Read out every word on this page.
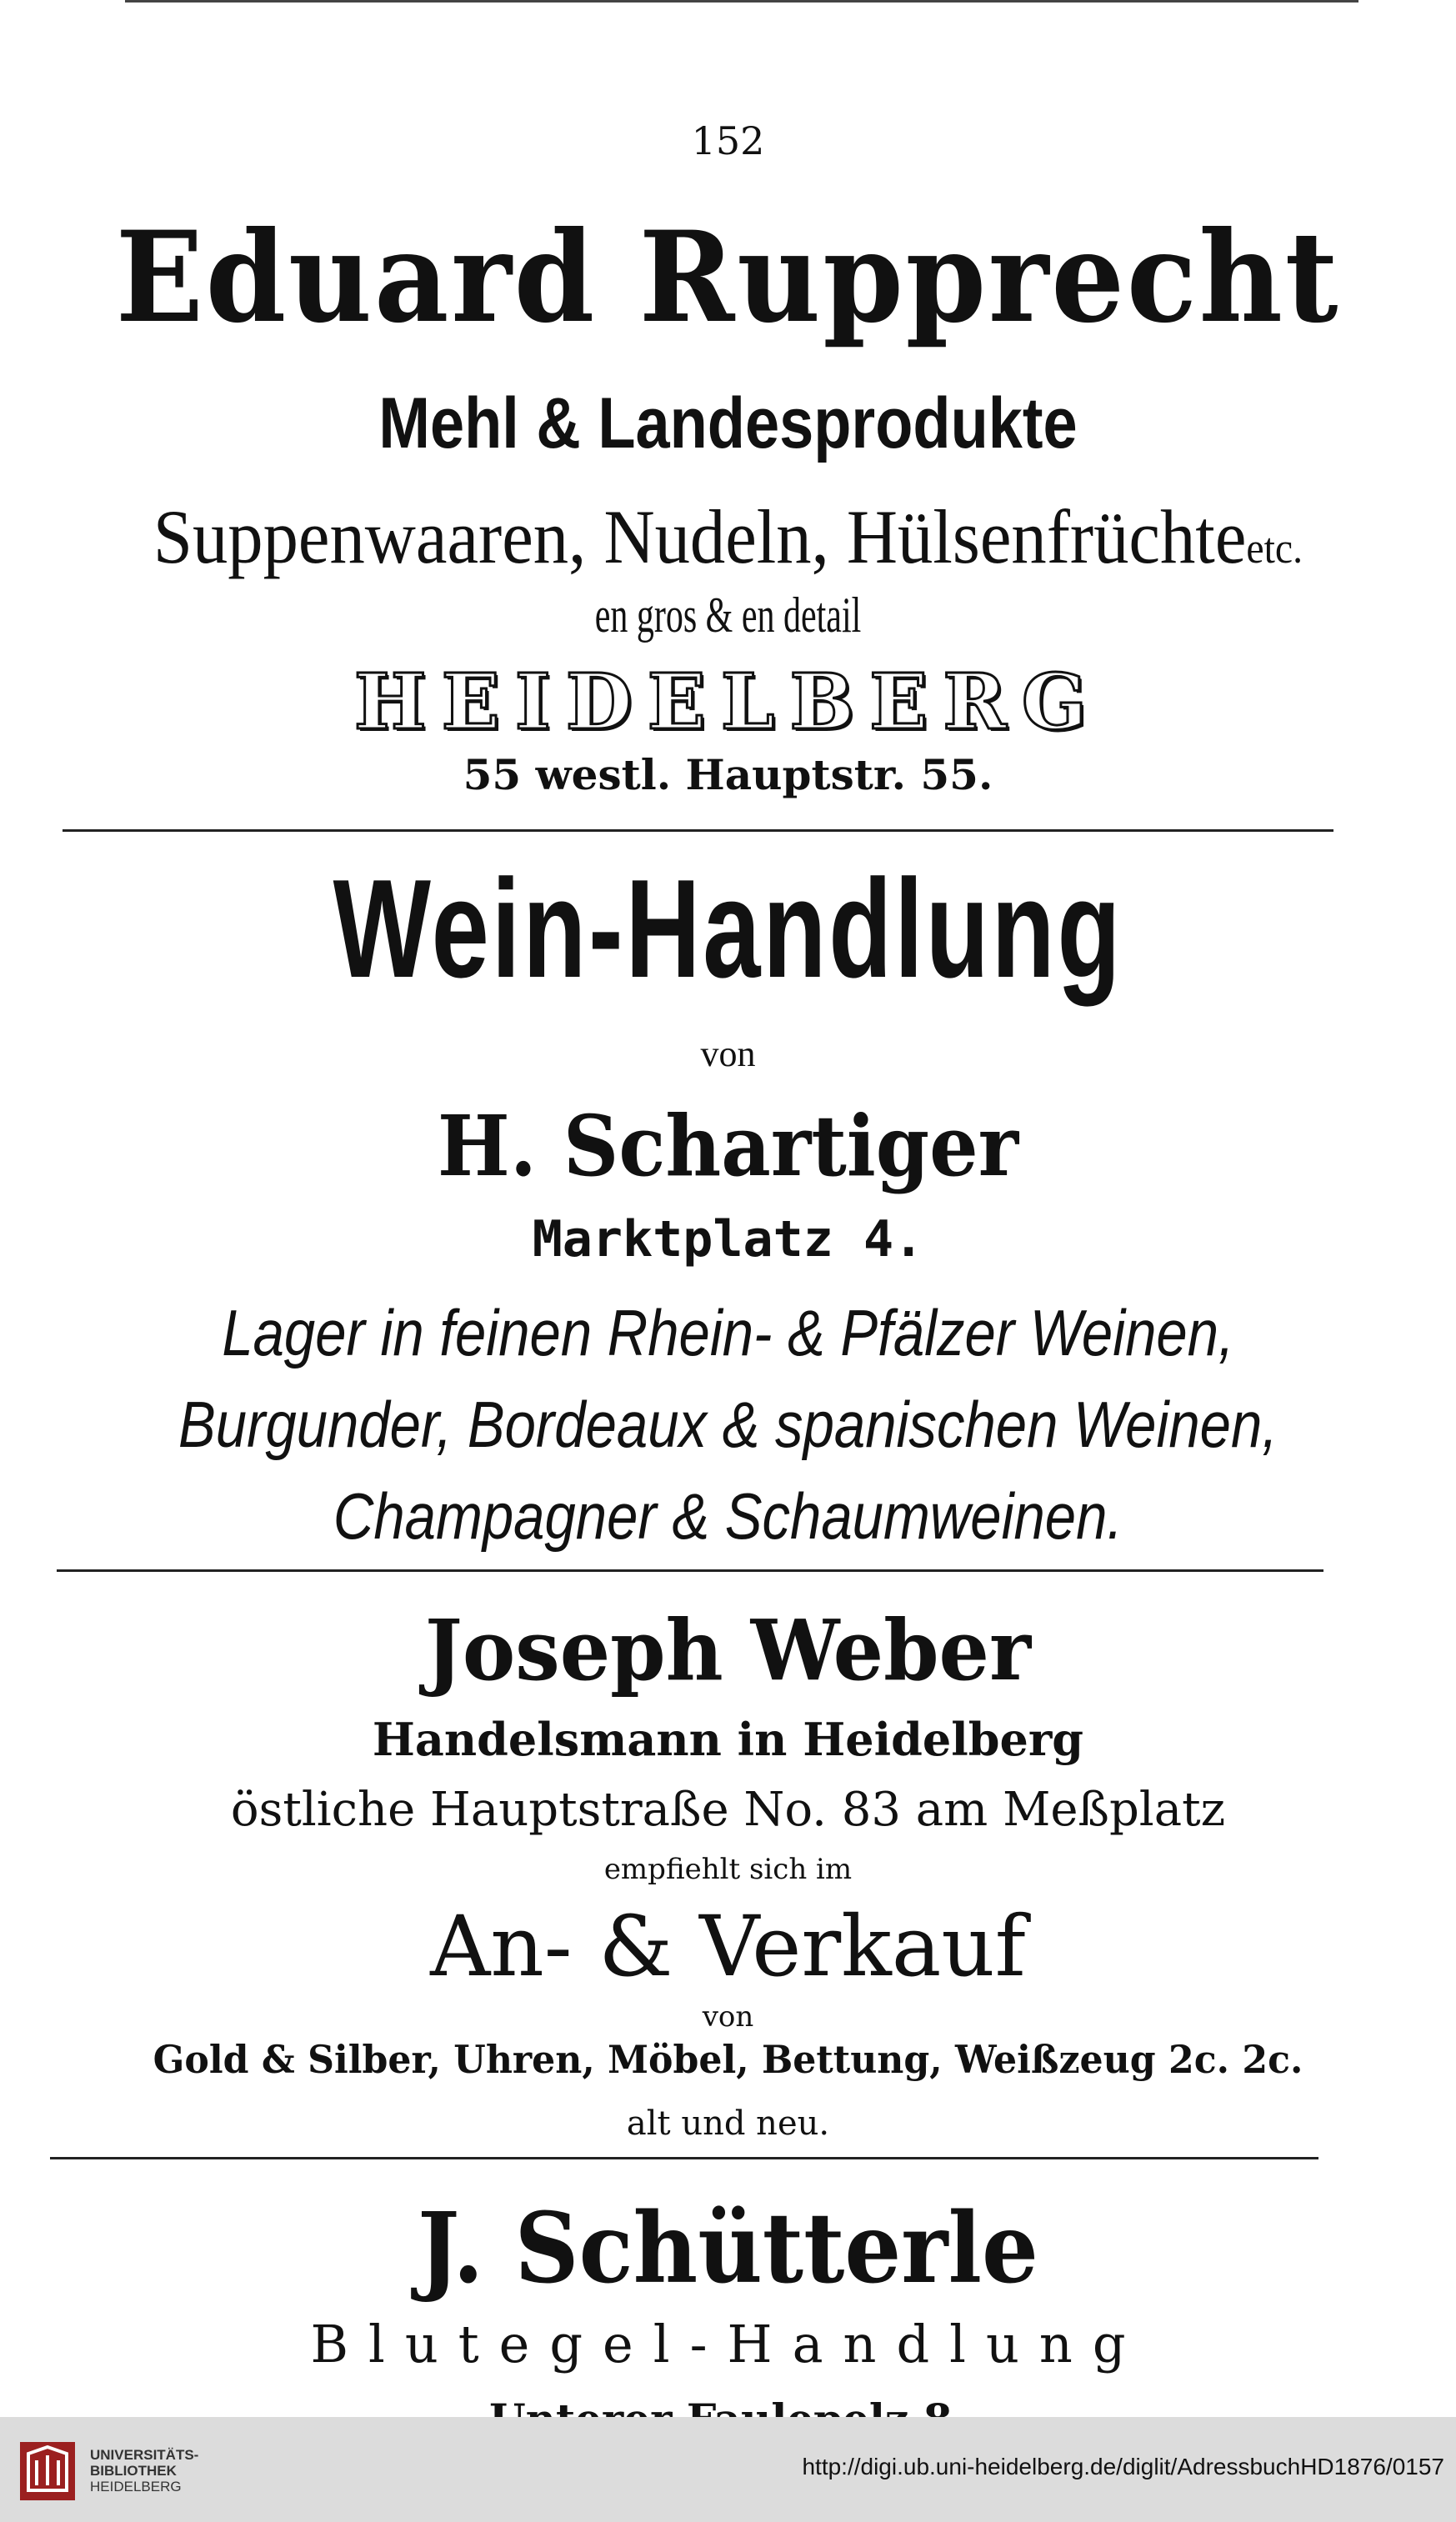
152
Eduard Rupprecht
Mehl & Landesprodukte
Suppenwaaren, Nudeln, Hülsenfrüchteetc.
en gros & en detail
HEIDELBERG
55 westl. Hauptstr. 55.
Wein-Handlung
von
H. Schartiger
Marktplatz 4.
Lager in feinen Rhein- & Pfälzer Weinen,
Burgunder, Bordeaux & spanischen Weinen,
Champagner & Schaumweinen.
Joseph Weber
Handelsmann in Heidelberg
östliche Hauptstraße No. 83 am Meßplatz
empfiehlt sich im
An- & Verkauf
von
Gold & Silber, Uhren, Möbel, Bettung, Weißzeug 2c. 2c.
alt und neu.
J. Schütterle
Blutegel-Handlung
UNIVERSITÄTS-
BIBLIOTHEK
HEIDELBERG
http://digi.ub.uni-heidelberg.de/diglit/AdressbuchHD1876/0157
